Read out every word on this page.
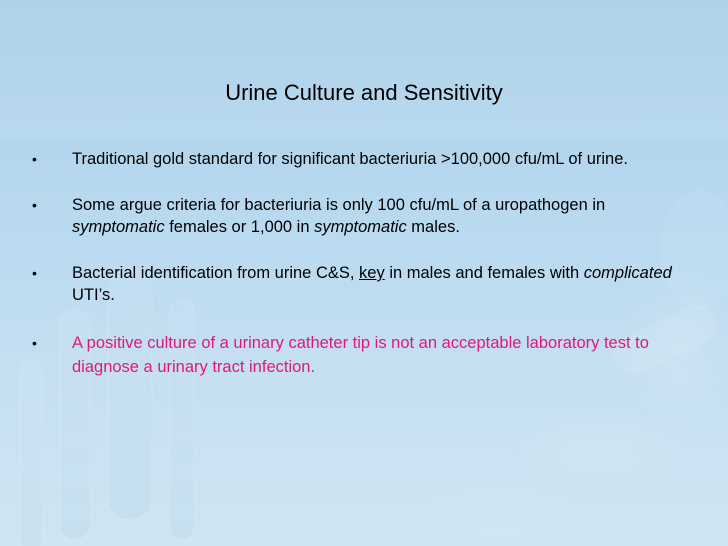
Urine Culture and Sensitivity
• Traditional gold standard for significant bacteriuria >100,000 cfu/mL of urine.
• Some argue criteria for bacteriuria is only 100 cfu/mL of a uropathogen in symptomatic females or 1,000 in symptomatic males.
• Bacterial identification from urine C&S, key in males and females with complicated UTI’s.
• A positive culture of a urinary catheter tip is not an acceptable laboratory test to diagnose a urinary tract infection.
